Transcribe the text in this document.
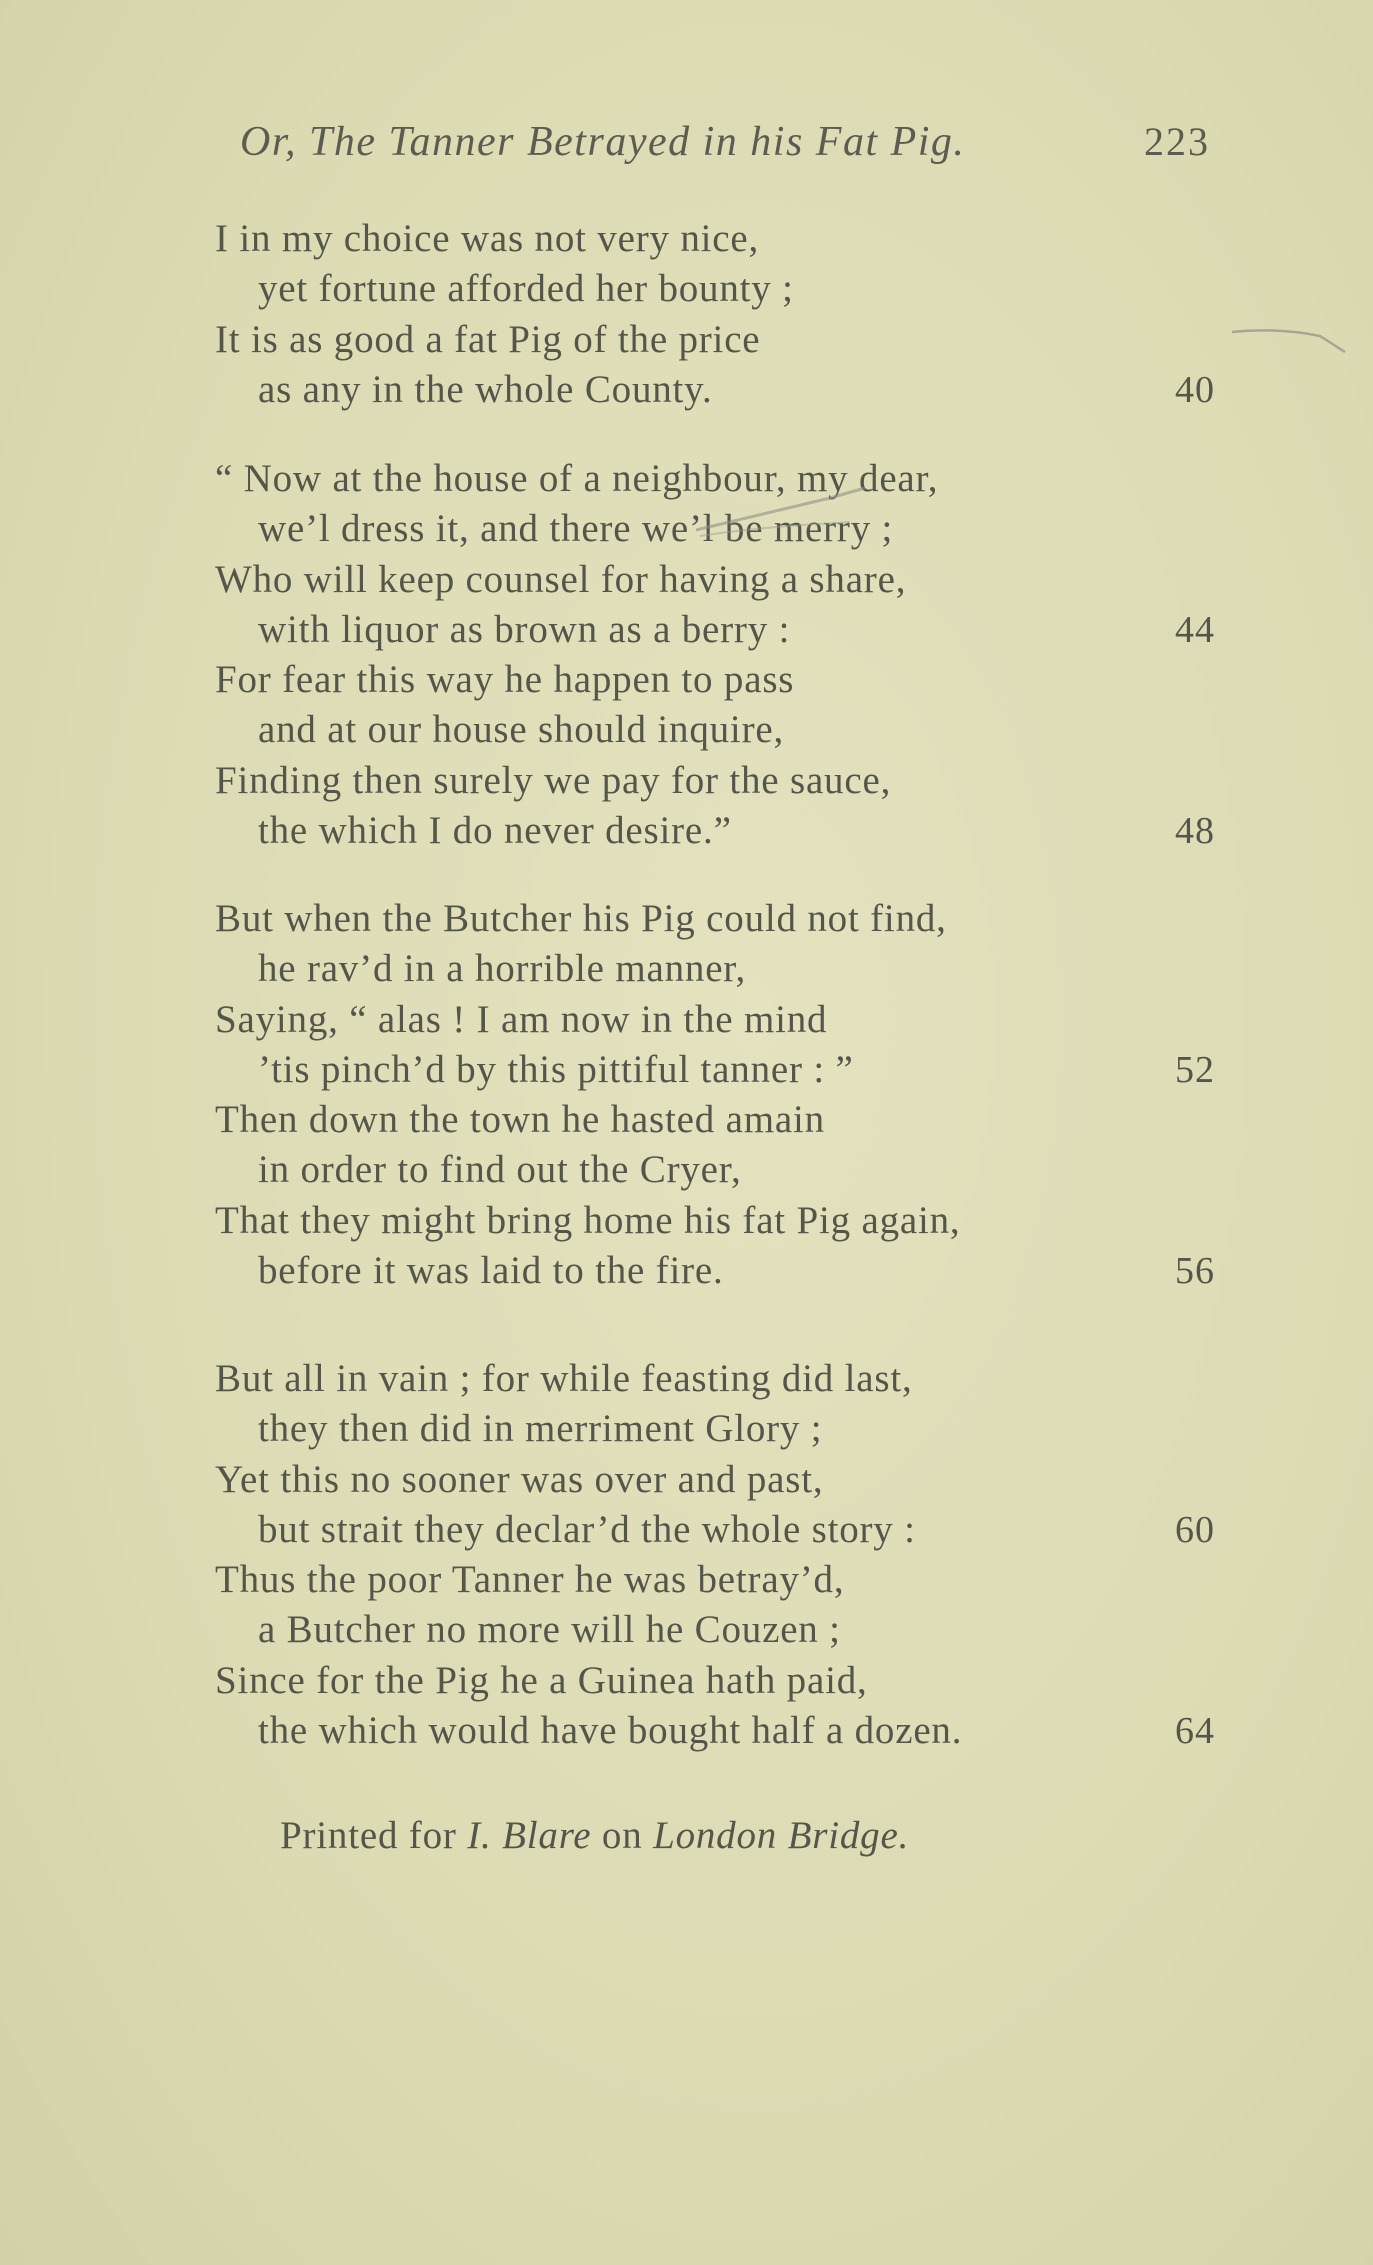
Or, The Tanner Betrayed in his Fat Pig.	223
I in my choice was not very nice,
yet fortune afforded her bounty ;
It is as good a fat Pig of the price
as any in the whole County.	40
“ Now at the house of a neighbour, my dear,
we’l dress it, and there we’l be merry ;
Who will keep counsel for having a share,
with liquor as brown as a berry :	44
For fear this way he happen to pass
and at our house should inquire,
Finding then surely we pay for the sauce,
the which I do never desire.”	48
But when the Butcher his Pig could not find,
he rav’d in a horrible manner,
Saying, “ alas ! I am now in the mind
’tis pinch’d by this pittiful tanner : ”	52
Then down the town he hasted amain
in order to find out the Cryer,
That they might bring home his fat Pig again,
before it was laid to the fire.	56
But all in vain ; for while feasting did last,
they then did in merriment Glory ;
Yet this no sooner was over and past,
but strait they declar’d the whole story :	60
Thus the poor Tanner he was betray’d,
a Butcher no more will he Couzen ;
Since for the Pig he a Guinea hath paid,
the which would have bought half a dozen.	64
Printed for I. Blare on London Bridge.
